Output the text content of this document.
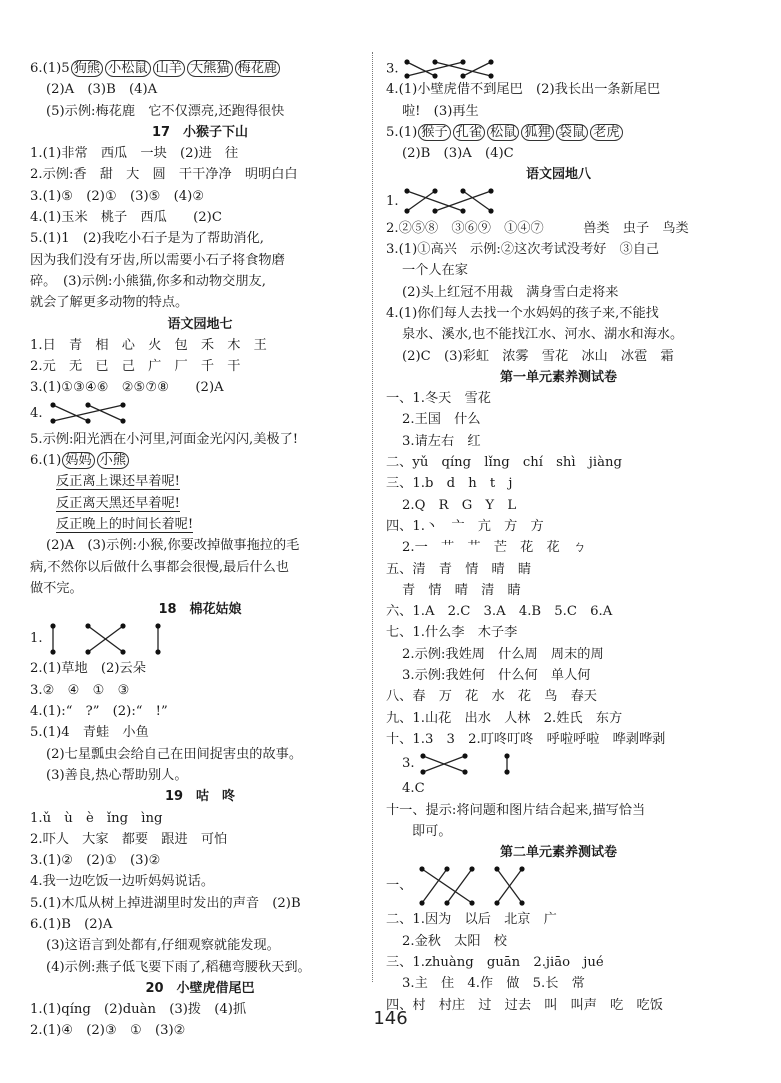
6.(1)5 狗熊 小松鼠 山羊 大熊猫 梅花鹿
(2)A　(3)B　(4)A
(5)示例:梅花鹿　它不仅漂亮,还跑得很快
17　小猴子下山
1.(1)非常　西瓜　一块　(2)进　往
2.示例:香　甜　大　圆　干干净净　明明白白
3.(1)⑤　(2)①　(3)⑤　(4)②
4.(1)玉米　桃子　西瓜　　(2)C
5.(1)1　(2)我吃小石子是为了帮助消化,
因为我们没有牙齿,所以需要小石子将食物磨
碎。　(3)示例:小熊猫,你多和动物交朋友,
就会了解更多动物的特点。
语文园地七
1.日　青　相　心　火　包　禾　木　王
2.元　无　已　己　广　厂　千　干
3.(1)①③④⑥　②⑤⑦⑧　　(2)A
4.
5.示例:阳光洒在小河里,河面金光闪闪,美极了!
6.(1) 妈妈 小熊
反正离上课还早着呢!
反正离天黑还早着呢!
反正晚上的时间长着呢!
(2)A　(3)示例:小猴,你要改掉做事拖拉的毛
病,不然你以后做什么事都会很慢,最后什么也
做不完。
18　棉花姑娘
1.
2.(1)草地　(2)云朵
3.②　④　①　③
4.(1):“　?”　(2):“　!”
5.(1)4　青蛙　小鱼
(2)七星瓢虫会给自己在田间捉害虫的故事。
(3)善良,热心帮助别人。
19　咕　咚
1.ǔ　ù　è　ǐng　ìng
2.吓人　大家　都要　跟进　可怕
3.(1)②　(2)①　(3)②
4.我一边吃饭一边听妈妈说话。
5.(1)木瓜从树上掉进湖里时发出的声音　(2)B
6.(1)B　(2)A
(3)这语言到处都有,仔细观察就能发现。
(4)示例:燕子低飞要下雨了,稻穗弯腰秋天到。
20　小壁虎借尾巴
1.(1)qíng　(2)duàn　(3)拨　(4)抓
2.(1)④　(2)③　①　(3)②
3.
4.(1)小壁虎借不到尾巴　(2)我长出一条新尾巴
啦!　(3)再生
5.(1) 猴子 孔雀 松鼠 狐狸 袋鼠 老虎
(2)B　(3)A　(4)C
语文园地八
1.
2.②⑤⑧　③⑥⑨　①④⑦　　　兽类　虫子　鸟类
3.(1)①高兴　示例:②这次考试没考好　③自己
一个人在家
(2)头上红冠不用裁　满身雪白走将来
4.(1)你们每人去找一个水妈妈的孩子来,不能找
泉水、溪水,也不能找江水、河水、湖水和海水。
(2)C　(3)彩虹　浓雾　雪花　冰山　冰雹　霜
第一单元素养测试卷
一、1.冬天　雪花
2.王国　什么
3.请左右　红
二、yǔ　qíng　lǐng　chí　shì　jiàng
三、1.b　d　h　t　j
2.Q　R　G　Y　L
四、1.丶　亠　亢　方　方
2.一　艹　艹　芒　花　花　ㄅ
五、清　青　情　晴　睛
青　情　晴　清　睛
六、1.A　2.C　3.A　4.B　5.C　6.A
七、1.什么李　木子李
2.示例:我姓周　什么周　周末的周
3.示例:我姓何　什么何　单人何
八、春　万　花　水　花　鸟　春天
九、1.山花　出水　人林　2.姓氏　东方
十、1.3　3　2.叮咚叮咚　呼啦呼啦　哗剥哗剥
3.
4.C
十一、提示:将问题和图片结合起来,描写恰当
即可。
第二单元素养测试卷
一、
二、1.因为　以后　北京　广
2.金秋　太阳　校
三、1.zhuàng　guān　2.jiāo　jué
3.主　住　4.作　做　5.长　常
四、村　村庄　过　过去　叫　叫声　吃　吃饭
146
